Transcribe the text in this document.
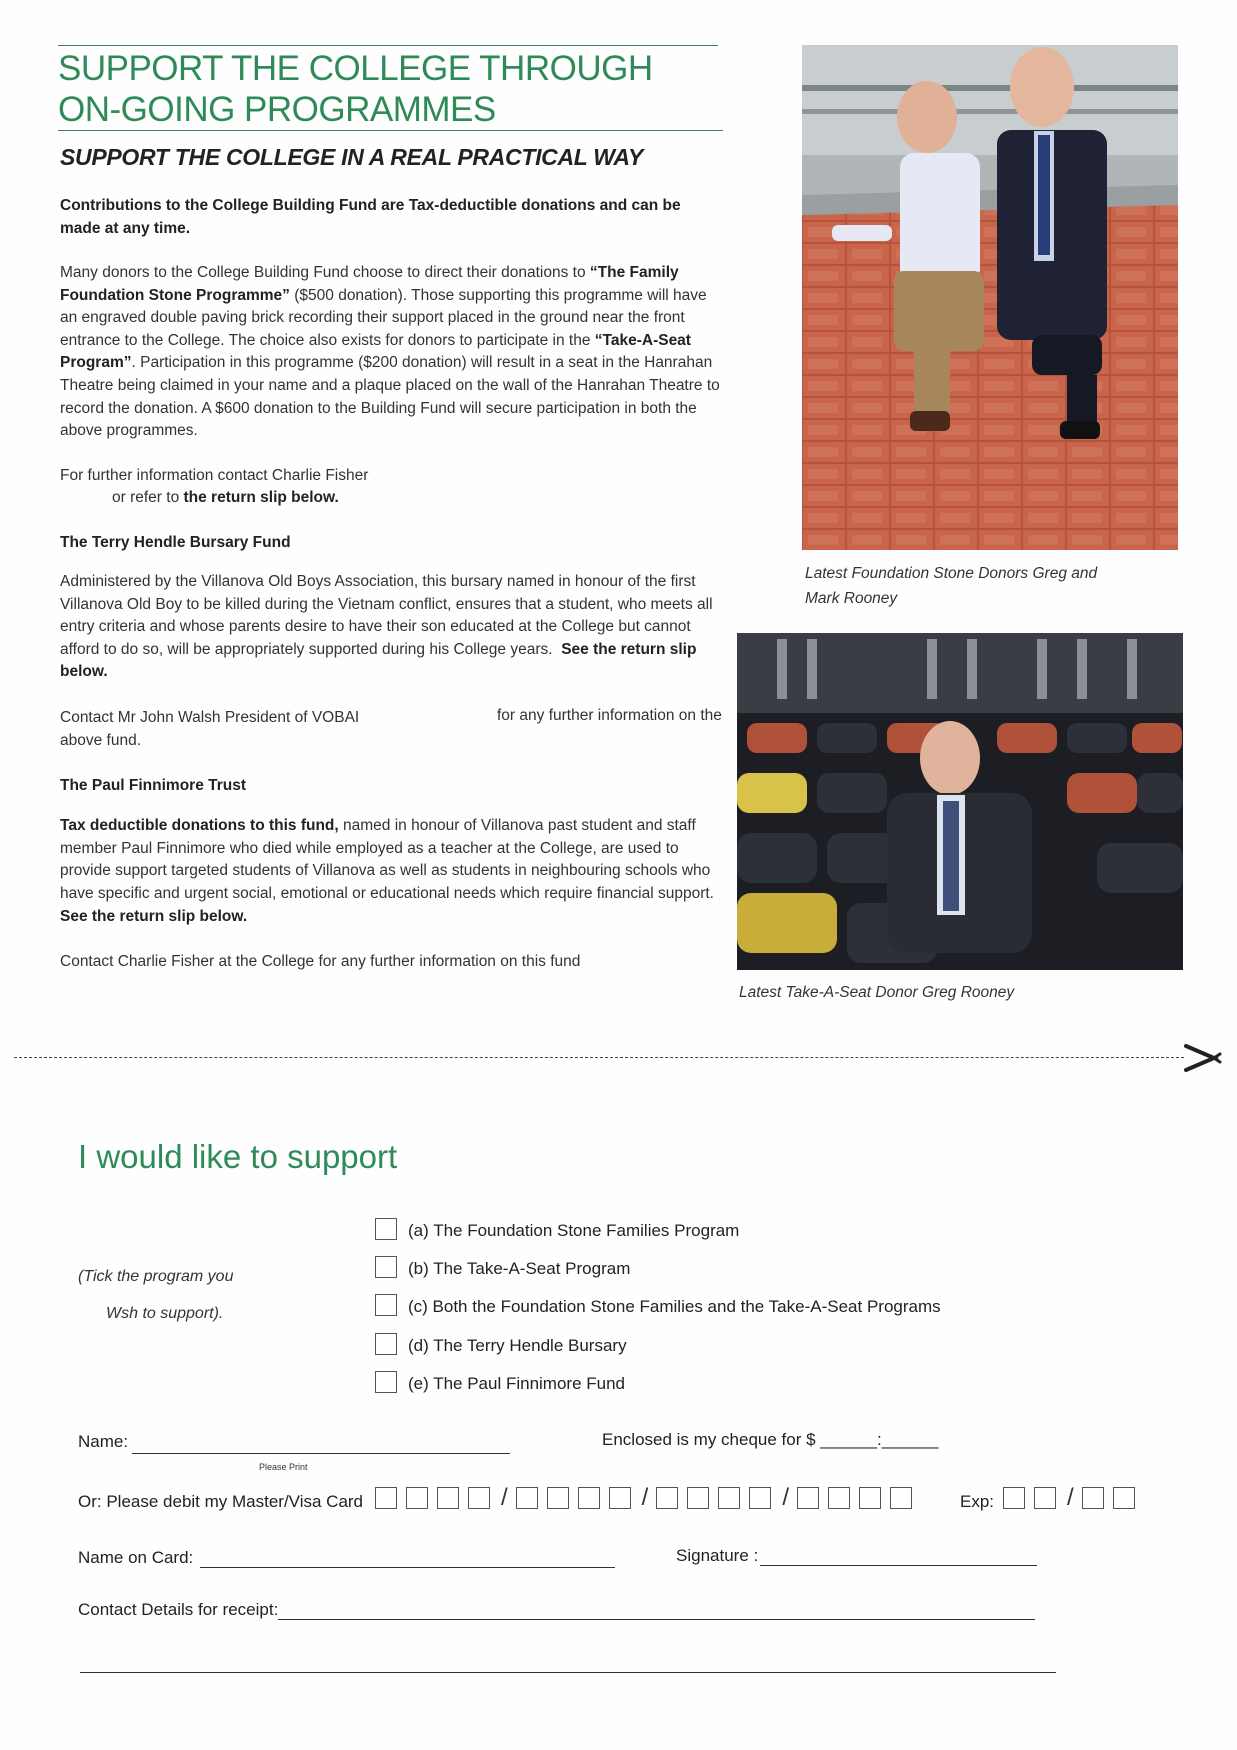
SUPPORT THE COLLEGE THROUGH
ON-GOING PROGRAMMES
SUPPORT THE COLLEGE IN A REAL PRACTICAL WAY
Contributions to the College Building Fund are Tax-deductible donations and can be made at any time.
Many donors to the College Building Fund choose to direct their donations to “The Family Foundation Stone Programme” ($500 donation). Those supporting this programme will have an engraved double paving brick recording their support placed in the ground near the front entrance to the College. The choice also exists for donors to participate in the “Take-A-Seat Program”. Participation in this programme ($200 donation) will result in a seat in the Hanrahan Theatre being claimed in your name and a plaque placed on the wall of the Hanrahan Theatre to record the donation. A $600 donation to the Building Fund will secure participation in both the above programmes.
For further information contact Charlie Fisher
or refer to the return slip below.
The Terry Hendle Bursary Fund
Administered by the Villanova Old Boys Association, this bursary named in honour of the first Villanova Old Boy to be killed during the Vietnam conflict, ensures that a student, who meets all entry criteria and whose parents desire to have their son educated at the College but cannot afford to do so, will be appropriately supported during his College years. See the return slip below.
Contact Mr John Walsh President of VOBAI	for any further information on the
above fund.
The Paul Finnimore Trust
Tax deductible donations to this fund, named in honour of Villanova past student and staff member Paul Finnimore who died while employed as a teacher at the College, are used to provide support targeted students of Villanova as well as students in neighbouring schools who have specific and urgent social, emotional or educational needs which require financial support.
See the return slip below.
Contact Charlie Fisher at the College for any further information on this fund
Latest Foundation Stone Donors Greg and
Mark Rooney
Latest Take-A-Seat Donor Greg Rooney
I would like to support
(Tick the program you
Wsh to support).
(a) The Foundation Stone Families Program
(b) The Take-A-Seat Program
(c) Both the Foundation Stone Families and the Take-A-Seat Programs
(d) The Terry Hendle Bursary
(e) The Paul Finnimore Fund
Name:
Please Print
Enclosed is my cheque for $ ______:______
Or: Please debit my Master/Visa Card	/	/	/	Exp:	/
Name on Card:	Signature :
Contact Details for receipt:
